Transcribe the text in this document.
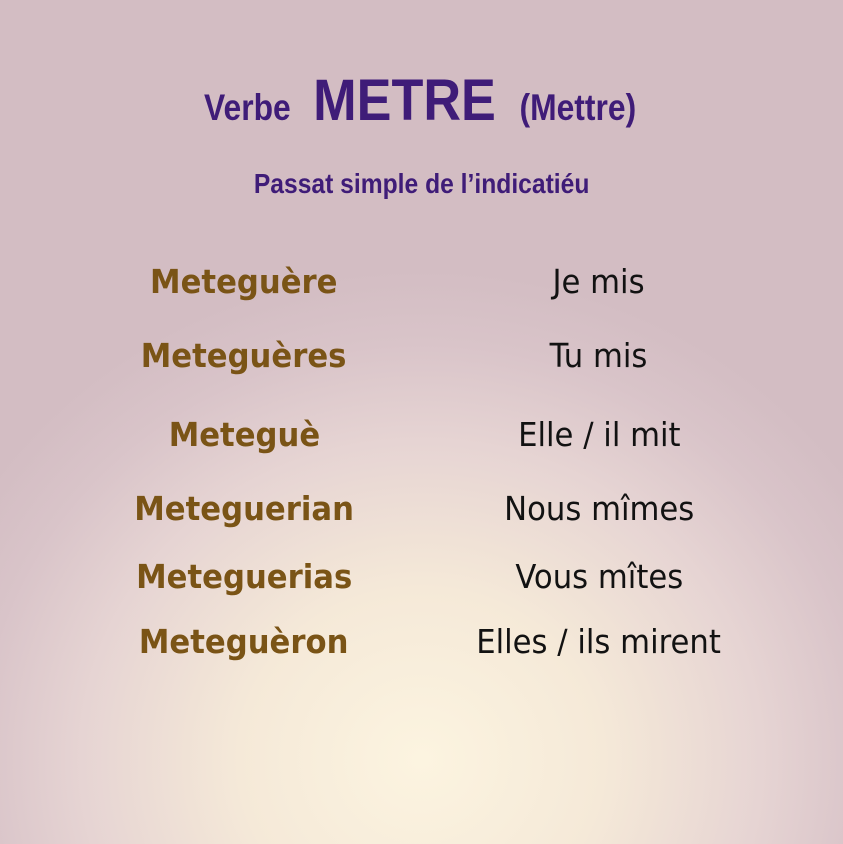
Verbe METRE (Mettre)
Passat simple de l’indicatiéu
Meteguère	Je mis
Meteguères	Tu mis
Meteguè	Elle / il mit
Meteguerian	Nous mîmes
Meteguerias	Vous mîtes
Meteguèron	Elles / ils mirent
